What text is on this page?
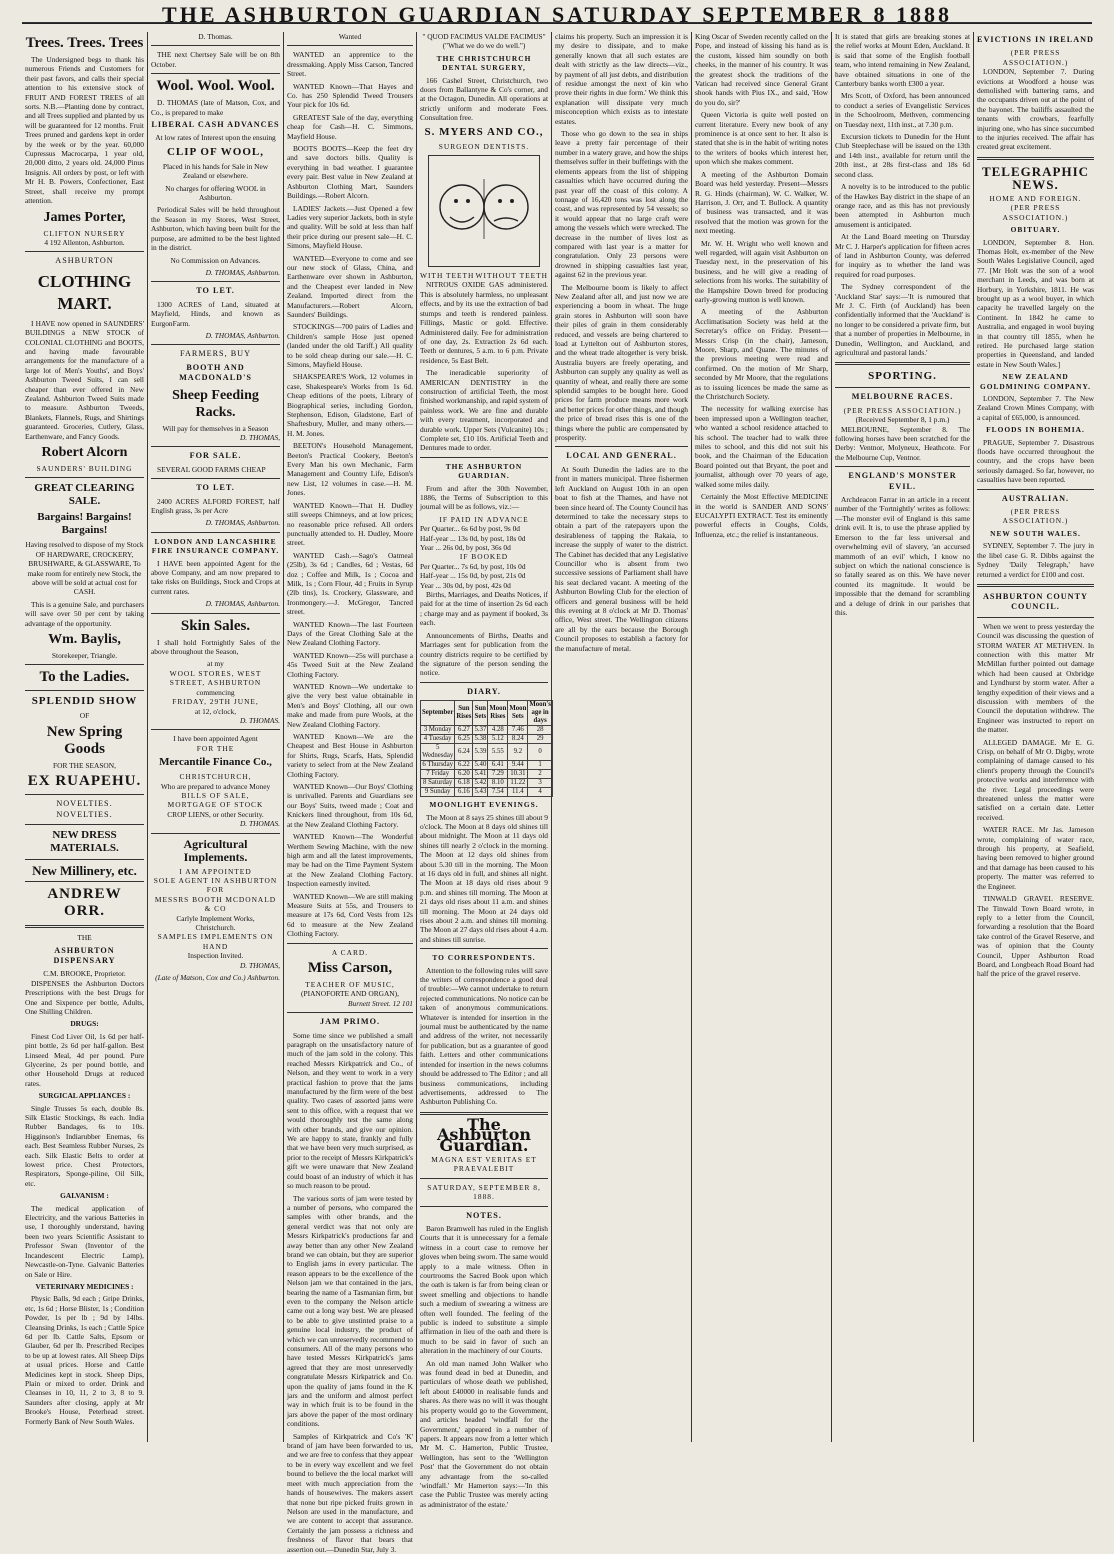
THE ASHBURTON GUARDIAN SATURDAY SEPTEMBER 8 1888
Trees. Trees. Trees

The Undersigned begs to thank his numerous Friends and Customers for their past favors, and calls their special attention to his extensive stock of FRUIT AND FOREST TREES of all sorts. N.B.—Planting done by contract, and all Trees supplied and planted by us will be guaranteed for 12 months. Fruit Trees pruned and gardens kept in order by the week or by the year. 60,000 Cupressus Macrocarpa, 1 year old, 20,000 ditto, 2 years old. 24,000 Pinus Insignis. All orders by post, or left with Mr H. B. Powers, Confectioner, East Street, shall receive my prompt attention.

James Porter,
CLIFTON NURSERY
4 192 Allenton, Ashburton.
ASHBURTON
CLOTHING MART.

I HAVE now opened in SAUNDERS' BUILDINGS a NEW STOCK of COLONIAL CLOTHING and BOOTS, and having made favourable arrangements for the manufacture of a large lot of Men's Youths', and Boys' Ashburton Tweed Suits, I can sell cheaper than ever offered in New Zealand. Ashburton Tweed Suits made to measure. Ashburton Tweeds, Blankets, Flannels, Rugs, and Shirtings guaranteed. Groceries, Cutlery, Glass, Earthenware, and Fancy Goods.

Robert Alcorn
SAUNDERS' BUILDING
GREAT CLEARING SALE.
Bargains! Bargains! Bargains!

Having resolved to dispose of my Stock OF HARDWARE, CROCKERY, BRUSHWARE, & GLASSWARE, To make room for entirely new Stock, the above will be sold at actual cost for CASH.

This is a genuine Sale, and purchasers will save over 50 per cent by taking advantage of the opportunity.

Wm. Baylis,
Storekeeper, Triangle.
To the Ladies.
SPLENDID SHOW
OF
New Spring Goods
FOR THE SEASON,
EX RUAPEHU.
NOVELTIES.
NOVELTIES.
NEW DRESS MATERIALS.
New Millinery, etc.
ANDREW ORR.
THE
ASHBURTON DISPENSARY
C.M. BROOKE, Proprietor.

DISPENSES the Ashburton Doctors Prescriptions with the best Drugs for One and Sixpence per bottle, Adults, One Shilling Children.

DRUGS:

Finest Cod Liver Oil, 1s 6d per half-pint bottle, 2s 6d per half-gallon. Best Linseed Meal, 4d per pound. Pure Glycerine, 2s per pound bottle, and other Household Drugs at reduced rates.

SURGICAL APPLIANCES :

Single Trusses 5s each, double 8s. Silk Elastic Stockings, 8s each. India Rubber Bandages, 6s to 10s. Higginson's Indiarubber Enemas, 6s each. Best Seamless Rubber Nurses, 2s each. Silk Elastic Belts to order at lowest price. Chest Protectors, Respirators, Sponge-piline, Oil Silk, etc.

GALVANISM :

The medical application of Electricity, and the various Batteries in use, I thoroughly understand, having been two years Scientific Assistant to Professor Swan (Inventor of the Incandescent Electric Lamp), Newcastle-on-Tyne. Galvanic Batteries on Sale or Hire.

VETERINARY MEDICINES :

Physic Balls, 9d each ; Gripe Drinks, etc, 1s 6d ; Horse Blister, 1s ; Condition Powder, 1s per lb ; 9d by 14lbs. Cleansing Drinks, 1s each ; Cattle Spice 6d per lb. Cattle Salts, Epsom or Glauber, 6d per lb. Prescribed Recipes to be up at lowest rates. All Sheep Dips at usual prices. Horse and Cattle Medicines kept in stock. Sheep Dips, Plain or mixed to order. Drink and Cleanses in 10, 11, 2 to 3, 8 to 9. Saunders after closing, apply at Mr Brooke's House, Peterhead street. Formerly Bank of New South Wales.

D. Thomas.

THE next Chertsey Sale will be on 8th October.

Wool. Wool. Wool.

D. THOMAS (late of Matson, Cox, and Co., is prepared to make

LIBERAL CASH ADVANCES
At low rates of Interest upon the ensuing
CLIP OF WOOL,

Placed in his hands for Sale in New Zealand or elsewhere.

No charges for offering WOOL in Ashburton.

Periodical Sales will be held throughout the Season in my Stores, West Street, Ashburton, which having been built for the purpose, are admitted to be the best lighted in the district.

No Commission on Advances.

D. THOMAS, Ashburton.

TO LET.

1300 ACRES of Land, situated at Mayfield, Hinds, and known as EurgonFarm.

D. THOMAS, Ashburton.

FARMERS, BUY
BOOTH AND MACDONALD'S
Sheep Feeding Racks.
Will pay for themselves in a Season

D. THOMAS,

FOR SALE.

SEVERAL GOOD FARMS CHEAP

TO LET.

2400 ACRES ALFORD FOREST, half English grass, 3s per Acre

D. THOMAS, Ashburton.

LONDON AND LANCASHIRE FIRE INSURANCE COMPANY.

I HAVE been appointed Agent for the above Company, and am now prepared to take risks on Buildings, Stock and Crops at current rates.

D. THOMAS, Ashburton.

Skin Sales.

I shall hold Fortnightly Sales of the above throughout the Season,

at my
WOOL STORES, WEST STREET, ASHBURTON
commencing
FRIDAY, 29TH JUNE,
at 12, o'clock,

D. THOMAS.

I have been appointed Agent
FOR THE
Mercantile Finance Co.,
CHRISTCHURCH,
Who are prepared to advance Money
BILLS OF SALE,
MORTGAGE OF STOCK
CROP LIENS, or other Security.

D. THOMAS.

Agricultural Implements.
I AM APPOINTED
SOLE AGENT IN ASHBURTON
FOR
MESSRS BOOTH MCDONALD & CO
Carlyle Implement Works,
Christchurch.
SAMPLES IMPLEMENTS ON HAND
Inspection Invited.

D. THOMAS,

(Late of Matson, Cox and Co.) Ashburton.

Wanted

WANTED an apprentice to the dressmaking. Apply Miss Carson, Tancred Street.

WANTED Known—That Hayes and Co. has 250 Splendid Tweed Trousers Your pick for 10s 6d.

GREATEST Sale of the day, everything cheap for Cash—H. C. Simmons, Mayfield House.

BOOTS BOOTS—Keep the feet dry and save doctors bills. Quality is everything in bad weather. I guarantee every pair. Best value in New Zealand at Ashburton Clothing Mart, Saunders Buildings.—Robert Alcorn.

LADIES' Jackets.—Just Opened a few Ladies very superior Jackets, both in style and quality. Will be sold at less than half their price during our present sale—H. C. Simons, Mayfield House.

WANTED—Everyone to come and see our new stock of Glass, China, and Earthenware ever shown in Ashburton, and the Cheapest ever landed in New Zealand. Imported direct from the Manufacturers.—Robert Alcorn, Saunders' Buildings.

STOCKINGS—700 pairs of Ladies and Children's sample Hose just opened (landed under the old Tariff.) All quality to be sold cheap during our sale.—H. C. Simons, Mayfield House.

SHAKSPEARE'S Work, 12 volumes in case, Shakespeare's Works from 1s 6d. Cheap editions of the poets, Library of Biographical series, including Gordon, Stephenson, Edison, Gladstone, Earl of Shaftesbury, Muller, and many others.—H. M. Jones.

BEETON's Household Management, Beeton's Practical Cookery, Beeton's Every Man his own Mechanic, Farm Management and Country Life, Edison's new List, 12 volumes in case.—H. M. Jones.

WANTED Known—That H. Dudley still sweeps Chimneys, and at low prices; no reasonable price refused. All orders punctually attended to. H. Dudley, Moore street.

WANTED Cash.—Sago's Oatmeal (25lb), 3s 6d ; Candles, 6d ; Vestas, 6d doz ; Coffee and Milk, 1s ; Cocoa and Milk, 1s ; Corn Flour, 4d ; Fruits in Syrup (2lb tins), 1s. Crockery, Glassware, and Ironmongery.—J. McGregor, Tancred street.

WANTED Known—The last Fourteen Days of the Great Clothing Sale at the New Zealand Clothing Factory.

WANTED Known—25s will purchase a 45s Tweed Suit at the New Zealand Clothing Factory.

WANTED Known—We undertake to give the very best value obtainable in Men's and Boys' Clothing, all our own make and made from pure Wools, at the New Zealand Clothing Factory.

WANTED Known—We are the Cheapest and Best House in Ashburton for Shirts, Rugs, Scarfs, Hats, Splendid variety to select from at the New Zealand Clothing Factory.

WANTED Known—Our Boys' Clothing is unrivalled. Parents and Guardians see our Boys' Suits, tweed made ; Coat and Knickers lined throughout, from 10s 6d, at the New Zealand Clothing Factory.

WANTED Known—The Wonderful Werthem Sewing Machine, with the new high arm and all the latest improvements, may be had on the Time Payment System at the New Zealand Clothing Factory. Inspection earnestly invited.

WANTED Known—We are still making Measure Suits at 55s, and Trousers to measure at 17s 6d, Cord Vests from 12s 6d to measure at the New Zealand Clothing Factory.

A CARD.
Miss Carson,
TEACHER OF MUSIC,
(PIANOFORTE AND ORGAN),
Burnett Street. 12 101
JAM PRIMO.

Some time since we published a small paragraph on the unsatisfactory nature of much of the jam sold in the colony. This reached Messrs Kirkpatrick and Co., of Nelson, and they went to work in a very practical fashion to prove that the jams manufactured by the firm were of the best quality. Two cases of assorted jams were sent to this office, with a request that we would thoroughly test the same along with other brands, and give our opinion. We are happy to state, frankly and fully that we have been very much surprised, as prior to the receipt of Messrs Kirkpatrick's gift we were unaware that New Zealand could boast of an industry of which it has so much reason to be proud.

The various sorts of jam were tested by a number of persons, who compared the samples with other brands, and the general verdict was that not only are Messrs Kirkpatrick's productions far and away better than any other New Zealand brand we can obtain, but they are superior to English jams in every particular. The reason appears to be the excellence of the Nelson jam we that contained in the jars, bearing the name of a Tasmanian firm, but even to the company the Nelson article came out a long way best. We are pleased to be able to give unstinted praise to a genuine local industry, the product of which we can unreservedly recommend to consumers. All of the many persons who have tested Messrs Kirkpatrick's jams agreed that they are most unreservedly congratulate Messrs Kirkpatrick and Co. upon the quality of jams found in the K jars and the uniform and almost perfect way in which fruit is to be found in the jars above the paper of the most ordinary conditions.

Samples of Kirkpatrick and Co's 'K' brand of jam have been forwarded to us, and we are free to confess that they appear to be in every way excellent and we feel bound to believe the the local market will meet with much appreciation from the hands of housewives. The makers assert that none but ripe picked fruits grown in Nelson are used in the manufacture, and we are content to accept that assurance. Certainly the jam possess a richness and freshness of flavor that bears that assertion out.—Dunedin Star, July 3.

" QUOD FACIMUS VALDE FACIMUS" ("What we do we do well.")
THE CHRISTCHURCH DENTAL SURGERY,

166 Cashel Street, Christchurch, two doors from Ballantyne & Co's corner, and at the Octagon, Dunedin. All operations at strictly uniform and moderate Fees. Consultation free.

S. MYERS AND CO.,
SURGEON DENTISTS.
WITH TEETH WITHOUT TEETH

NITROUS OXIDE GAS administered. This is absolutely harmless, no unpleasant effects, and by its use the extraction of bad stumps and teeth is rendered painless. Fillings, Mastic or gold. Effective. Administered daily. Fee for administration of one day, 2s. Extraction 2s 6d each. Teeth or dentures, 5 a.m. to 6 p.m. Private residence, 5s East Belt.

The ineradicable superiority of AMERICAN DENTISTRY in the construction of artificial Teeth, the most finished workmanship, and rapid system of painless work. We are fine and durable with every treatment, incorporated and durable work. Upper Sets (Vulcanite) 10s ; Complete set, £10 10s. Artificial Teeth and Dentures made to order.

THE ASHBURTON GUARDIAN.

From and after the 30th November, 1886, the Terms of Subscription to this journal will be as follows, viz.:—

IF PAID IN ADVANCE
Per Quarter... 6s 6d by post, 9s 0d
Half-year ... 13s 0d, by post, 18s 0d
Year ... 26s 0d, by post, 36s 0d
IF BOOKED
Per Quarter... 7s 6d, by post, 10s 0d
Half-year ... 15s 0d, by post, 21s 0d
Year ... 30s 0d, by post, 42s 0d

Births, Marriages, and Deaths Notices, if paid for at the time of insertion 2s 6d each ; charge may and as payment if booked, 3s each.

Announcements of Births, Deaths and Marriages sent for publication from the country districts require to be certified by the signature of the person sending the notice.

DIARY.
September	Sun Rises	Sun Sets	Moon Rises	Moon Sets	Moon's age in days
3 Monday	6.27	5.37	4.28	7.46	28
4 Tuesday	6.25	5.38	5.12	8.24	29
5 Wednesday	6.24	5.39	5.55	9.2	0
6 Thursday	6.22	5.40	6.41	9.44	1
7 Friday	6.20	5.41	7.29	10.31	2
8 Saturday	6.18	5.42	8.10	11.22	3
9 Sunday	6.16	5.43	7.54	11.4	4
MOONLIGHT EVENINGS.

The Moon at 8 says 25 shines till about 9 o'clock. The Moon at 8 days old shines till about midnight. The Moon at 11 days old shines till nearly 2 o'clock in the morning. The Moon at 12 days old shines from about 5.30 till in the morning. The Moon at 16 days old in full, and shines all night. The Moon at 18 days old rises about 9 p.m. and shines till morning. The Moon at 21 days old rises about 11 a.m. and shines till morning. The Moon at 24 days old rises about 2 a.m. and shines till morning. The Moon at 27 days old rises about 4 a.m. and shines till sunrise.

TO CORRESPONDENTS.

Attention to the following rules will save the writers of correspondence a good deal of trouble:—We cannot undertake to return rejected communications. No notice can be taken of anonymous communications. Whatever is intended for insertion in the journal must be authenticated by the name and address of the writer, not necessarily for publication, but as a guarantee of good faith. Letters and other communications intended for insertion in the news columns should be addressed to The Editor ; and all business communications, including advertisements, addressed to The Ashburton Publishing Co.

The Ashburton Guardian.
MAGNA EST VERITAS ET PRAEVALEBIT
SATURDAY, SEPTEMBER 8, 1888.
NOTES.

Baron Bramwell has ruled in the English Courts that it is unnecessary for a female witness in a court case to remove her gloves when being sworn. The same would apply to a male witness. Often in courtrooms the Sacred Book upon which the oath is taken is far from being clean or sweet smelling and objections to handle such a medium of swearing a witness are often well founded. The feeling of the public is indeed to substitute a simple affirmation in lieu of the oath and there is much to be said in favor of such an alteration in the machinery of our Courts.

An old man named John Walker who was found dead in bed at Dunedin, and particulars of whose death we published, left about £40000 in realisable funds and shares. As there was no will it was thought his property would go to the Government, and articles headed 'windfall for the Government,' appeared in a number of papers. It appears now from a letter which Mr M. C. Hamerton, Public Trustee, Wellington, has sent to the 'Wellington Post' that the Government do not obtain any advantage from the so-called 'windfall.' Mr Hamerton says:—'In this case the Public Trustee was merely acting as administrator of the estate.'

claims his property. Such an impression it is my desire to dissipate, and to make generally known that all such estates are dealt with strictly as the law directs—viz., by payment of all just debts, and distribution of residue amongst the next of kin who prove their rights in due form.' We think this explanation will dissipate very much misconception which exists as to intestate estates.

Those who go down to the sea in ships leave a pretty fair percentage of their number in a watery grave, and how the ships themselves suffer in their buffetings with the elements appears from the list of shipping casualties which have occurred during the past year off the coast of this colony. A tonnage of 16,420 tons was lost along the coast, and was represented by 54 vessels; so it would appear that no large craft were among the vessels which were wrecked. The decrease in the number of lives lost as compared with last year is a matter for congratulation. Only 23 persons were drowned in shipping casualties last year, against 62 in the previous year.

The Melbourne boom is likely to affect New Zealand after all, and just now we are experiencing a boom in wheat. The huge grain stores in Ashburton will soon have their piles of grain in them considerably reduced, and vessels are being chartered to load at Lyttelton out of Ashburton stores, and the wheat trade altogether is very brisk. Australia buyers are freely operating, and Ashburton can supply any quality as well as quantity of wheat, and really there are some splendid samples to be bought here. Good prices for farm produce means more work and better prices for other things, and though the price of bread rises this is one of the things where the public are compensated by prosperity.

LOCAL AND GENERAL.

At South Dunedin the ladies are to the front in matters municipal. Three fishermen left Auckland on August 10th in an open boat to fish at the Thames, and have not been since heard of. The County Council has determined to take the necessary steps to obtain a part of the ratepayers upon the desirableness of tapping the Rakaia, to increase the supply of water to the district. The Cabinet has decided that any Legislative Councillor who is absent from two successive sessions of Parliament shall have his seat declared vacant. A meeting of the Ashburton Bowling Club for the election of officers and general business will be held this evening at 8 o'clock at Mr D. Thomas' office, West street. The Wellington citizens are all by the ears because the Borough Council proposes to establish a factory for the manufacture of metal.

King Oscar of Sweden recently called on the Pope, and instead of kissing his hand as is the custom, kissed him soundly on both cheeks, in the manner of his country. It was the greatest shock the traditions of the Vatican had received since General Grant shook hands with Pius IX., and said, 'How do you do, sir?'

Queen Victoria is quite well posted on current literature. Every new book of any prominence is at once sent to her. It also is stated that she is in the habit of writing notes to the writers of books which interest her, upon which she makes comment.

A meeting of the Ashburton Domain Board was held yesterday. Present—Messrs R. G. Hinds (chairman), W. C. Walker, W. Harrison, J. Orr, and T. Bullock. A quantity of business was transacted, and it was resolved that the motion was grown for the next meeting.

Mr. W. H. Wright who well known and well regarded, will again visit Ashburton on Tuesday next, in the preservation of his business, and he will give a reading of selections from his works. The suitability of the Hampshire Down breed for producing early-growing mutton is well known.

A meeting of the Ashburton Acclimatisation Society was held at the Secretary's office on Friday. Present—Messrs Crisp (in the chair), Jameson, Moore, Sharp, and Quane. The minutes of the previous meeting were read and confirmed. On the motion of Mr Sharp, seconded by Mr Moore, that the regulations as to issuing licences be made the same as the Christchurch Society.

The necessity for walking exercise has been impressed upon a Wellington teacher, who wanted a school residence attached to his school. The teacher had to walk three miles to school, and this did not suit his book, and the Chairman of the Education Board pointed out that Bryant, the poet and journalist, although over 70 years of age, walked some miles daily.

Certainly the Most Effective MEDICINE in the world is SANDER AND SONS' EUCALYPTI EXTRACT. Test its eminently powerful effects in Coughs, Colds, Influenza, etc.; the relief is instantaneous.

It is stated that girls are breaking stones at the relief works at Mount Eden, Auckland. It is said that some of the English football team, who intend remaining in New Zealand, have obtained situations in one of the Canterbury banks worth £300 a year.

Mrs Scott, of Oxford, has been announced to conduct a series of Evangelistic Services in the Schoolroom, Methven, commencing on Tuesday next, 11th inst., at 7.30 p.m.

Excursion tickets to Dunedin for the Hunt Club Steeplechase will be issued on the 13th and 14th inst., available for return until the 20th inst., at 28s first-class and 18s 6d second class.

A novelty is to be introduced to the public of the Hawkes Bay district in the shape of an orange race, and as this has not previously been attempted in Ashburton much amusement is anticipated.

At the Land Board meeting on Thursday Mr C. J. Harper's application for fifteen acres of land in Ashburton County, was deferred for inquiry as to whether the land was required for road purposes.

The Sydney correspondent of the 'Auckland Star' says:—'It is rumoured that Mr J. C. Firth (of Auckland) has been confidentially informed that the 'Auckland' is no longer to be considered a private firm, but that a number of properties in Melbourne, in Dunedin, Wellington, and Auckland, and agricultural and pastoral lands.'

SPORTING.
MELBOURNE RACES.
(PER PRESS ASSOCIATION.)
(Received September 8, 1 p.m.)

MELBOURNE, September 8. The following horses have been scratched for the Derby: Ventnor, Molyneux, Heathcote. For the Melbourne Cup, Ventnor.

ENGLAND'S MONSTER EVIL.

Archdeacon Farrar in an article in a recent number of the 'Fortnightly' writes as follows:—The monster evil of England is this same drink evil. It is, to use the phrase applied by Emerson to the far less universal and overwhelming evil of slavery, 'an accursed mammoth of an evil' which, I know no subject on which the national conscience is so fatally seared as on this. We have never counted its magnitude. It would be impossible that the demand for scrambling and a deluge of drink in our parishes that this.

EVICTIONS IN IRELAND
(PER PRESS ASSOCIATION.)

LONDON, September 7. During evictions at Woodford a house was demolished with battering rams, and the occupants driven out at the point of the bayonet. The bailiffs assaulted the tenants with crowbars, fearfully injuring one, who has since succumbed to the injuries received. The affair has created great excitement.

TELEGRAPHIC NEWS.
HOME AND FOREIGN.
(PER PRESS ASSOCIATION.)
OBITUARY.

LONDON, September 8. Hon. Thomas Holt, ex-member of the New South Wales Legislative Council, aged 77. [Mr Holt was the son of a wool merchant in Leeds, and was born at Horbury, in Yorkshire, 1811. He was brought up as a wool buyer, in which capacity he travelled largely on the Continent. In 1842 he came to Australia, and engaged in wool buying in that country till 1855, when he retired. He purchased large station properties in Queensland, and landed estate in New South Wales.]

NEW ZEALAND GOLDMINING COMPANY.

LONDON, September 7. The New Zealand Crown Mines Company, with a capital of £65,000, is announced.

FLOODS IN BOHEMIA.

PRAGUE, September 7. Disastrous floods have occurred throughout the country, and the crops have been seriously damaged. So far, however, no casualties have been reported.

AUSTRALIAN.
(PER PRESS ASSOCIATION.)
NEW SOUTH WALES.

SYDNEY, September 7. The jury in the libel case G. R. Dibbs against the Sydney 'Daily Telegraph,' have returned a verdict for £100 and cost.

ASHBURTON COUNTY COUNCIL.

When we went to press yesterday the Council was discussing the question of STORM WATER AT METHVEN. In connection with this matter Mr McMillan further pointed out damage which had been caused at Oxbridge and Lyndhurst by storm water. After a lengthy expedition of their views and a discussion with members of the Council the deputation withdrew. The Engineer was instructed to report on the matter.

ALLEGED DAMAGE. Mr E. G. Crisp, on behalf of Mr O. Digby, wrote complaining of damage caused to his client's property through the Council's protective works and interference with the river. Legal proceedings were threatened unless the matter were satisfied on a certain date. Letter received.

WATER RACE. Mr Jas. Jameson wrote, complaining of water race, through his property, at Seafield, having been removed to higher ground and that damage has been caused to his property. The matter was referred to the Engineer.

TINWALD GRAVEL RESERVE. The Tinwald Town Board wrote, in reply to a letter from the Council, forwarding a resolution that the Board take control of the Gravel Reserve, and was of opinion that the County Council, Upper Ashburton Road Board, and Longbeach Road Board had half the price of the gravel reserve.
